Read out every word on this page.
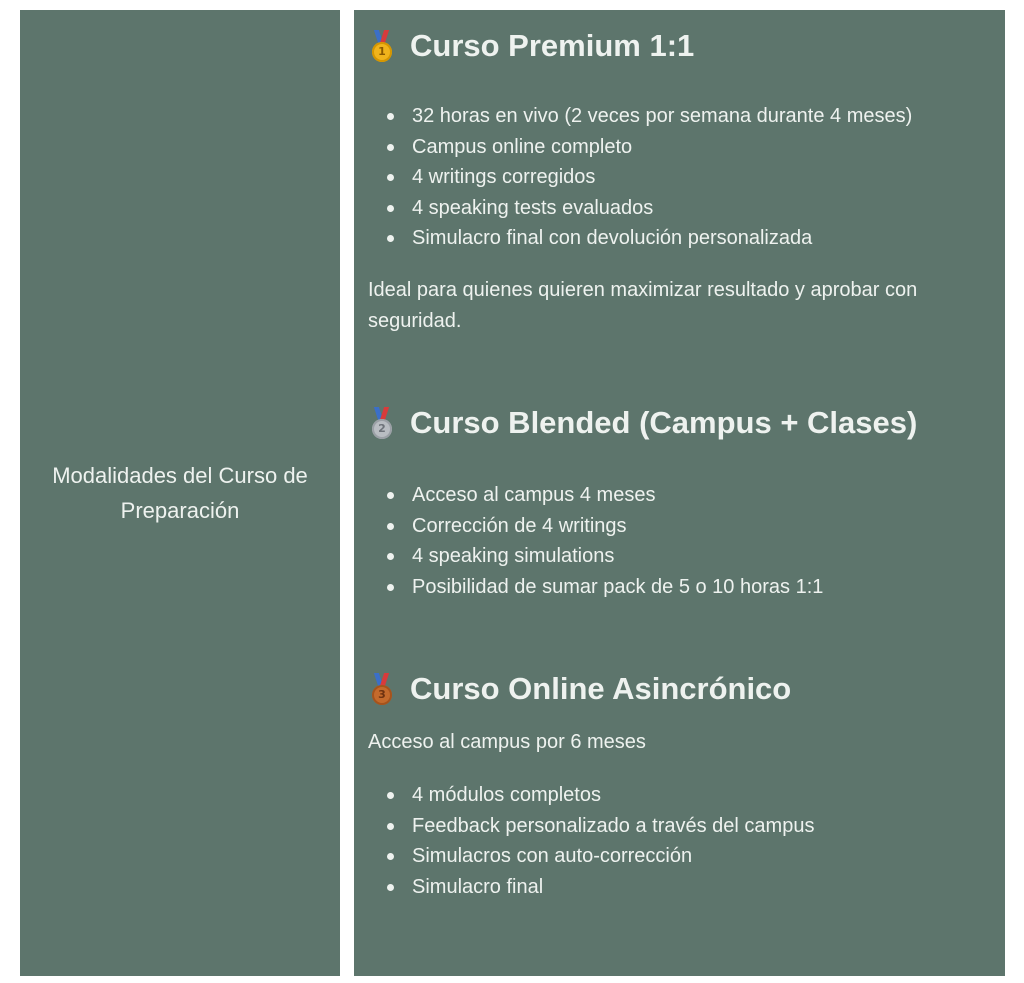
Modalidades del Curso de Preparación
1 Curso Premium 1:1
32 horas en vivo (2 veces por semana durante 4 meses)
Campus online completo
4 writings corregidos
4 speaking tests evaluados
Simulacro final con devolución personalizada

Ideal para quienes quieren maximizar resultado y aprobar con seguridad.

2 Curso Blended (Campus + Clases)
Acceso al campus 4 meses
Corrección de 4 writings
4 speaking simulations
Posibilidad de sumar pack de 5 o 10 horas 1:1
3 Curso Online Asincrónico

Acceso al campus por 6 meses

4 módulos completos
Feedback personalizado a través del campus
Simulacros con auto-corrección
Simulacro final
